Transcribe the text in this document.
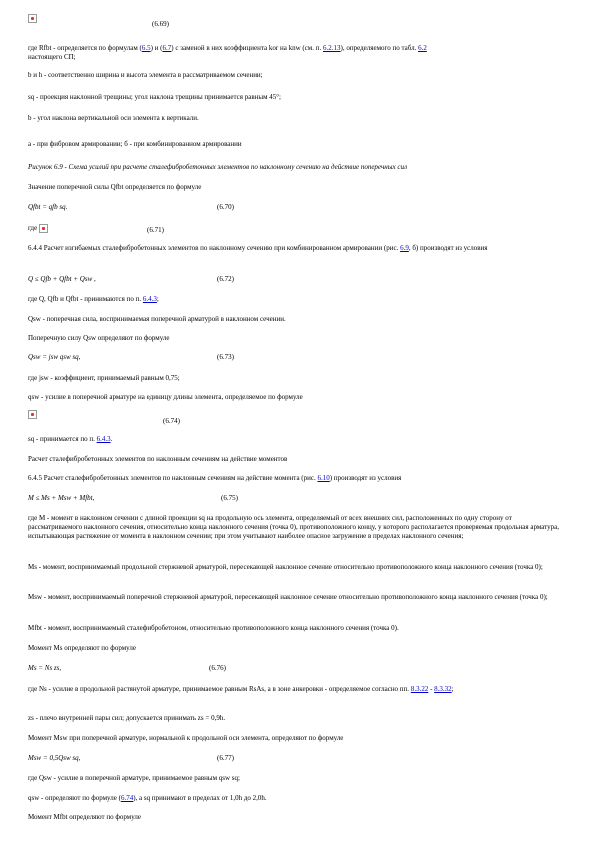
(6.69)
где Rfbt - определяется по формулам (6.5) и (6.7) с заменой в них коэффициента kor на knw (см. п. 6.2.13), определяемого по табл. 6.2
настоящего СП;
b и h - соответственно ширина и высота элемента в рассматриваемом сечении;
sq - проекция наклонной трещины; угол наклона трещины принимается равным 45°;
b - угол наклона вертикальной оси элемента к вертикали.
а - при фибровом армировании; б - при комбинированном армировании
Рисунок 6.9 - Схема усилий при расчете сталефибробетонных элементов по наклонному сечению на действие поперечных сил
Значение поперечной силы Qfbt определяется по формуле
Qfbt = qfb sq.	(6.70)
где	(6.71)
6.4.4 Расчет изгибаемых сталефибробетонных элементов по наклонному сечению при комбинированном армировании (рис. 6.9, б) производят из условия
Q ≤ Qfb + Qfbt + Qsw ,	(6.72)
где Q, Qfb и Qfbt - принимаются по п. 6.4.3;
Qsw - поперечная сила, воспринимаемая поперечной арматурой в наклонном сечении.
Поперечную силу Qsw определяют по формуле
Qsw = jsw qsw sq,	(6.73)
где jsw - коэффициент, принимаемый равным 0,75;
qsw - усилие в поперечной арматуре на единицу длины элемента, определяемое по формуле
(6.74)
sq - принимается по п. 6.4.3.
Расчет сталефибробетонных элементов по наклонным сечениям на действие моментов
6.4.5 Расчет сталефибробетонных элементов по наклонным сечениям на действие момента (рис. 6.10) производят из условия
M ≤ Ms + Msw + Mfbt,	(6.75)
где M - момент в наклонном сечении с длиной проекции sq на продольную ось элемента, определяемый от всех внешних сил, расположенных по одну сторону от рассматриваемого наклонного сечения, относительно конца наклонного сечения (точка 0), противоположного концу, у которого располагается проверяемая продольная арматура, испытывающая растяжение от момента в наклонном сечении; при этом учитывают наиболее опасное загружение в пределах наклонного сечения;
Ms - момент, воспринимаемый продольной стержневой арматурой, пересекающей наклонное сечение относительно противоположного конца наклонного сечения (точка 0);
Msw - момент, воспринимаемый поперечной стержневой арматурой, пересекающей наклонное сечение относительно противоположного конца наклонного сечения (точка 0);
Mfbt - момент, воспринимаемый сталефибробетоном, относительно противоположного конца наклонного сечения (точка 0).
Момент Ms определяют по формуле
Ms = Ns zs,	(6.76)
где Ns - усилие в продольной растянутой арматуре, принимаемое равным RsAs, а в зоне анкеровки - определяемое согласно пп. 8.3.22 - 8.3.32;
zs - плечо внутренней пары сил; допускается принимать zs = 0,9h.
Момент Msw при поперечной арматуре, нормальной к продольной оси элемента, определяют по формуле
Msw = 0,5Qsw sq,	(6.77)
где Qsw - усилие в поперечной арматуре, принимаемое равным qsw sq;
qsw - определяют по формуле (6.74), а sq принимают в пределах от 1,0h до 2,0h.
Момент Mfbt определяют по формуле
